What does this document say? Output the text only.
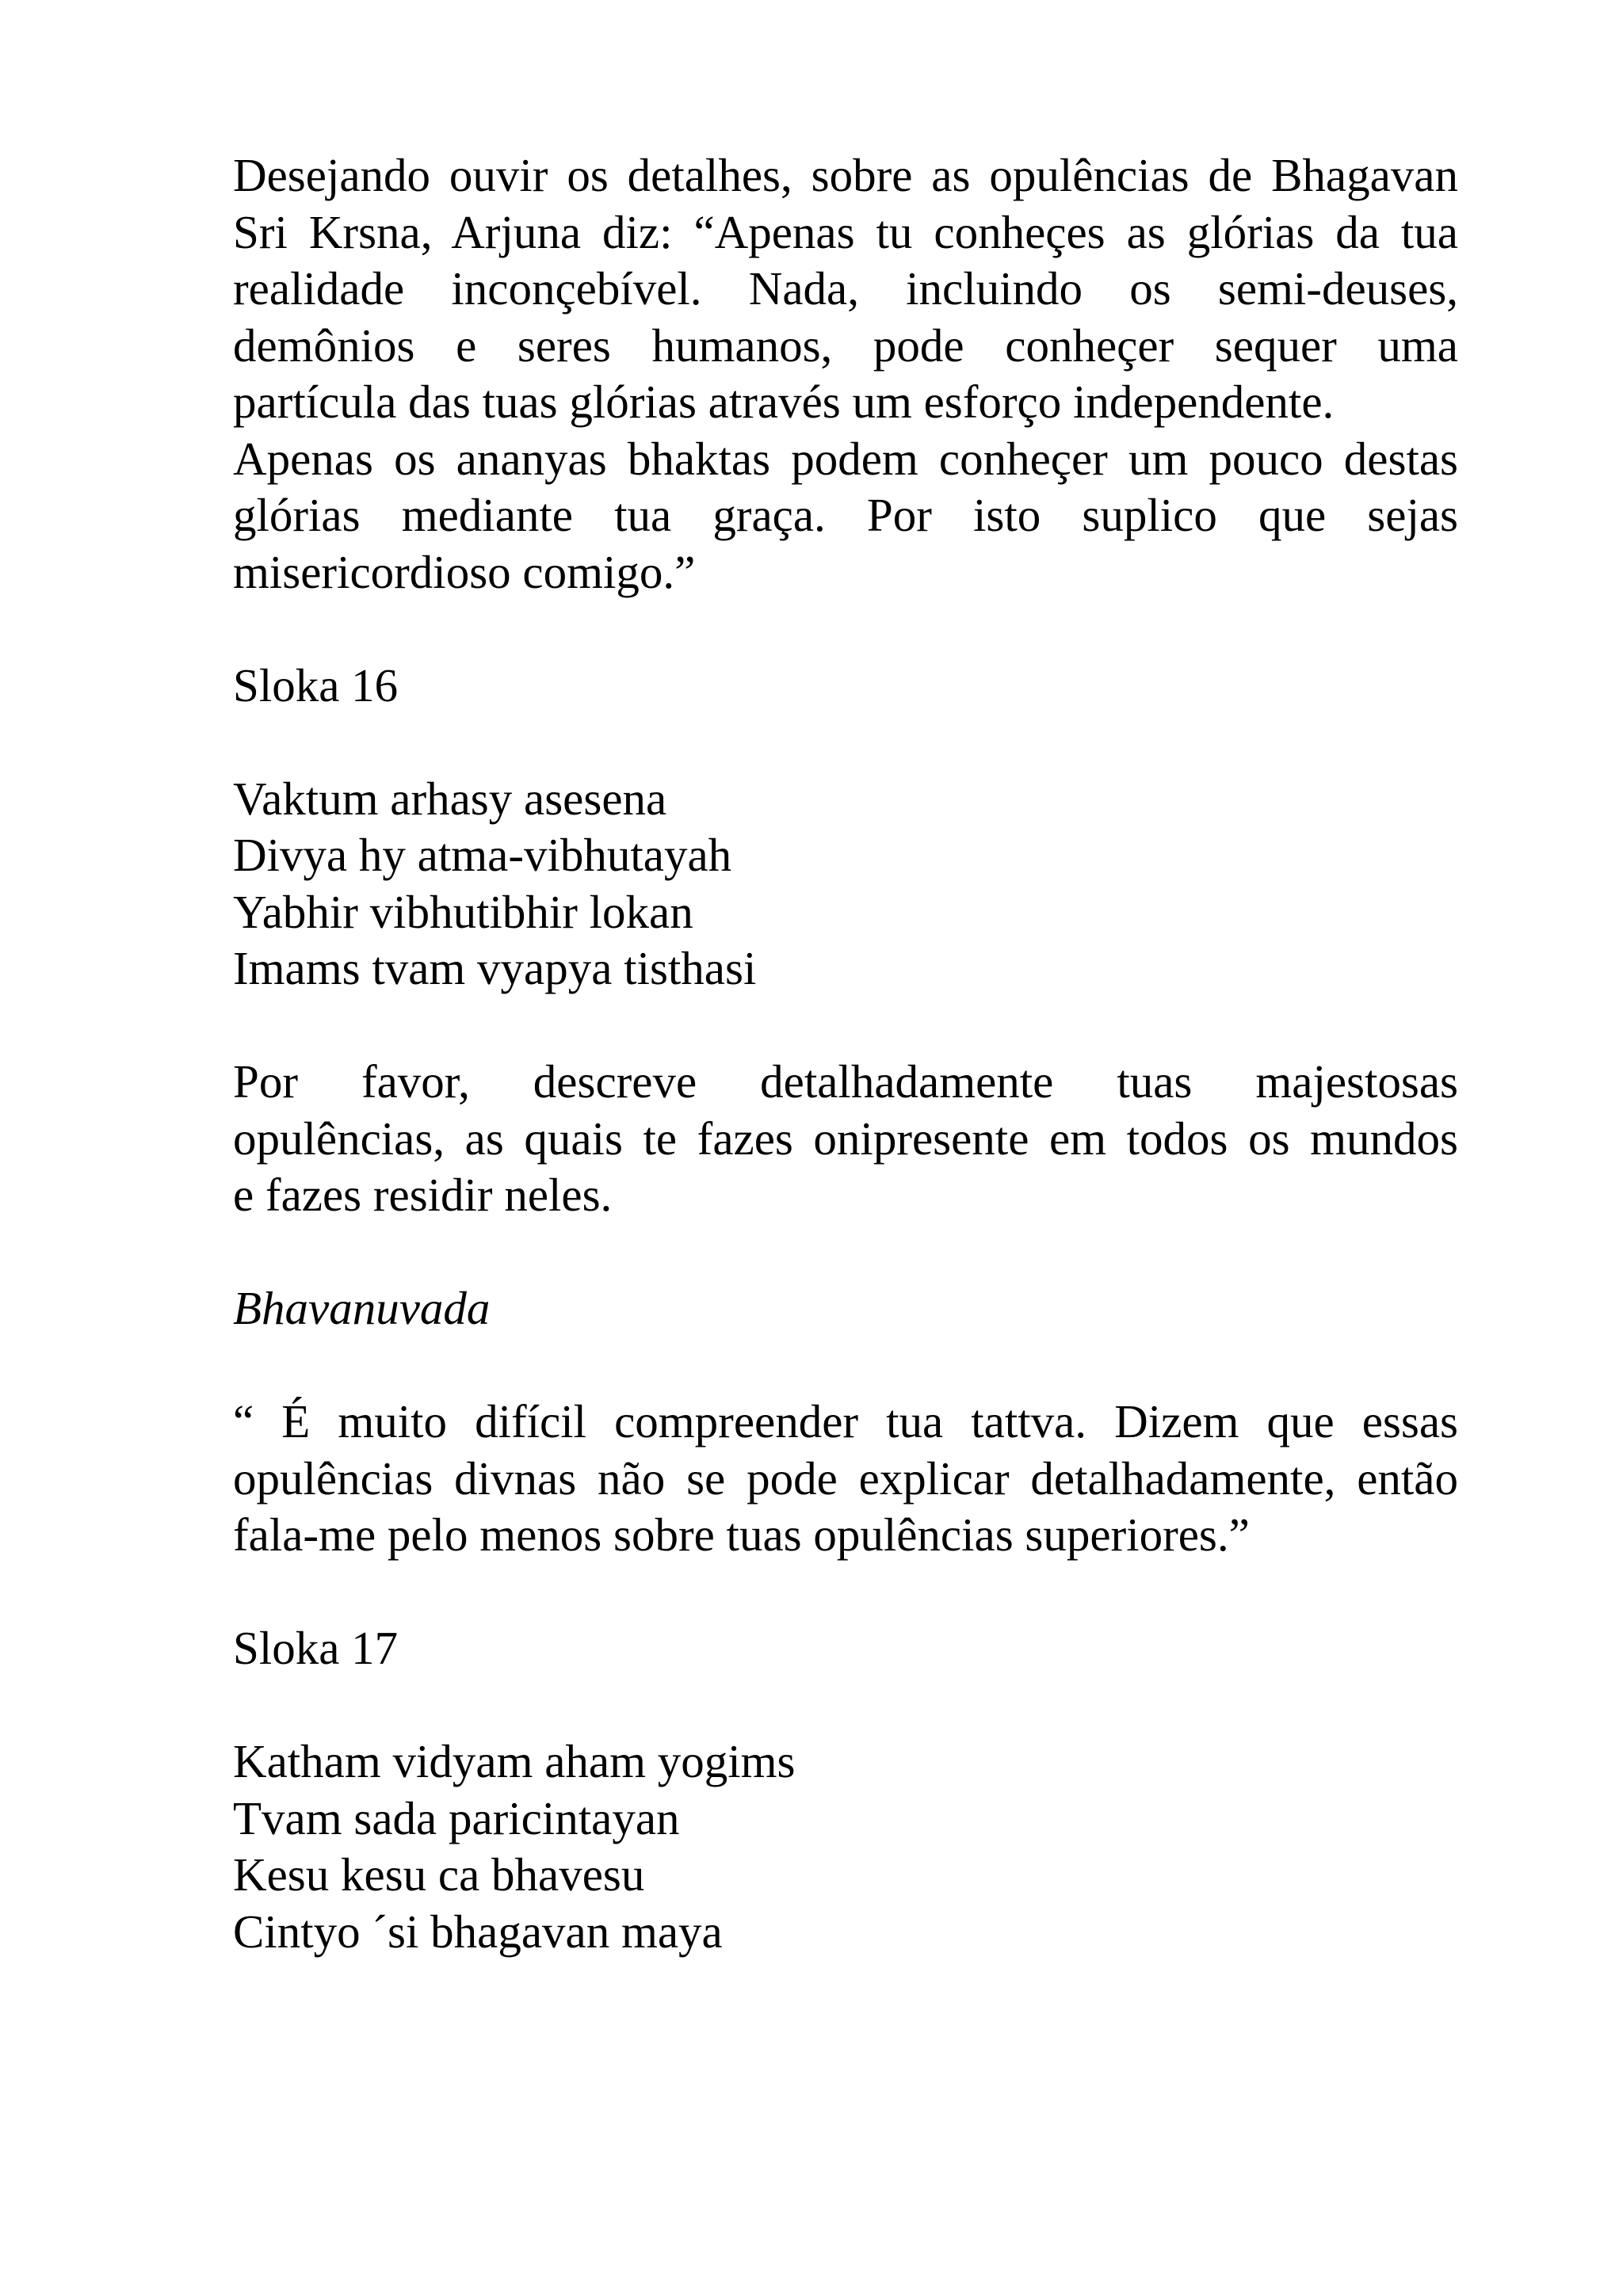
Desejando ouvir os detalhes, sobre as opulências de Bhagavan
Sri Krsna, Arjuna diz: “Apenas tu conheçes as glórias da tua
realidade inconçebível. Nada, incluindo os semi-deuses,
demônios e seres humanos, pode conheçer sequer uma
partícula das tuas glórias através um esforço independente.
Apenas os ananyas bhaktas podem conheçer um pouco destas
glórias mediante tua graça. Por isto suplico que sejas
misericordioso comigo.”
Sloka 16
Vaktum arhasy asesena
Divya hy atma-vibhutayah
Yabhir vibhutibhir lokan
Imams tvam vyapya tisthasi
Por favor, descreve detalhadamente tuas majestosas
opulências, as quais te fazes onipresente em todos os mundos
e fazes residir neles.
Bhavanuvada
“ É muito difícil compreender tua tattva. Dizem que essas
opulências divnas não se pode explicar detalhadamente, então
fala-me pelo menos sobre tuas opulências superiores.”
Sloka 17
Katham vidyam aham yogims
Tvam sada paricintayan
Kesu kesu ca bhavesu
Cintyo ´si bhagavan maya
